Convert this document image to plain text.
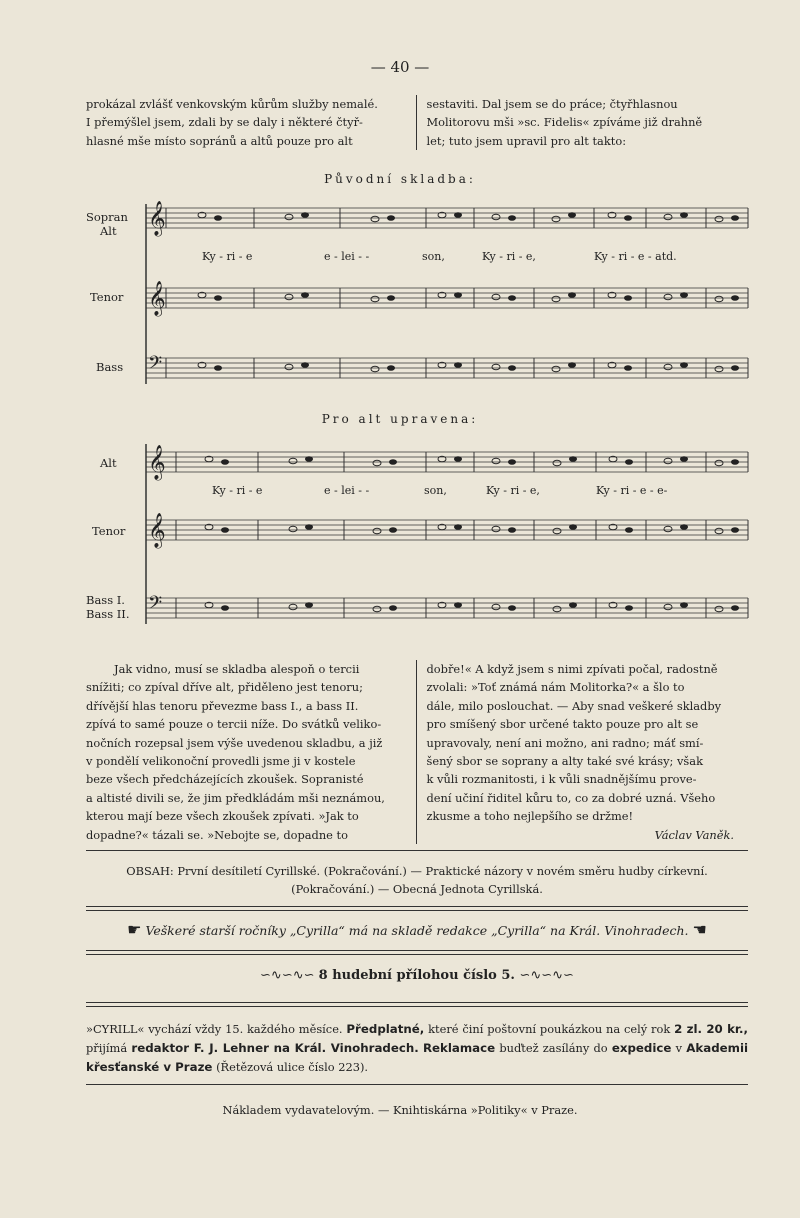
— 40 —
prokázal zvlášť venkovským kůrům služby nemalé.
I přemýšlel jsem, zdali by se daly i některé čtyř-
hlasné mše místo sopránů a altů pouze pro alt
sestaviti. Dal jsem se do práce; čtyřhlasnou
Molitorovu mši »sc. Fidelis« zpíváme již drahně
let; tuto jsem upravil pro alt takto:
Původní skladba:
Sopran
Alt
Tenor
Bass
𝄞
𝄞
𝄢
Ky - ri - e	e - lei - -	son,	Ky - ri - e,	Ky - ri - e - atd.
Pro alt upravena:
Alt
Tenor
Bass I.
Bass II.
𝄞
𝄞
𝄢
Ky - ri - e	e - lei - -	son,	Ky - ri - e,	Ky - ri - e - e-
Jak vidno, musí se skladba alespoň o tercii
snížiti; co zpíval dříve alt, přiděleno jest tenoru;
dřívější hlas tenoru převezme bass I., a bass II.
zpívá to samé pouze o tercii níže. Do svátků veliko-
nočních rozepsal jsem výše uvedenou skladbu, a již
v pondělí velikonoční provedli jsme ji v kostele
beze všech předcházejících zkoušek. Sopranisté
a altisté divili se, že jim předkládám mši neznámou,
kterou mají beze všech zkoušek zpívati. »Jak to
dopadne?« tázali se. »Nebojte se, dopadne to
dobře!« A když jsem s nimi zpívati počal, radostně
zvolali: »Toť známá nám Molitorka?« a šlo to
dále, milo poslouchat. — Aby snad veškeré skladby
pro smíšený sbor určené takto pouze pro alt se
upravovaly, není ani možno, ani radno; máť smí-
šený sbor se soprany a alty také své krásy; však
k vůli rozmanitosti, i k vůli snadnějšímu prove-
dení učiní řiditel kůru to, co za dobré uzná. Všeho
zkusme a toho nejlepšího se držme!
Václav Vaněk.
OBSAH: První desítiletí Cyrillské. (Pokračování.) — Praktické názory v novém směru hudby církevní.
(Pokračování.) — Obecná Jednota Cyrillská.
☛ Veškeré starší ročníky „Cyrilla“ má na skladě redakce „Cyrilla“ na Král. Vinohradech. ☚
∽∿∽∿∽ 8 hudební přílohou číslo 5. ∽∿∽∿∽
»CYRILL« vychází vždy 15. každého měsíce. Předplatné, které činí poštovní poukázkou na celý rok 2 zl. 20 kr., přijímá redaktor F. J. Lehner na Král. Vinohradech. Reklamace buďtež zasílány do expedice v Akademii křesťanské v Praze (Řetězová ulice číslo 223).
Nákladem vydavatelovým. — Knihtiskárna »Politiky« v Praze.
